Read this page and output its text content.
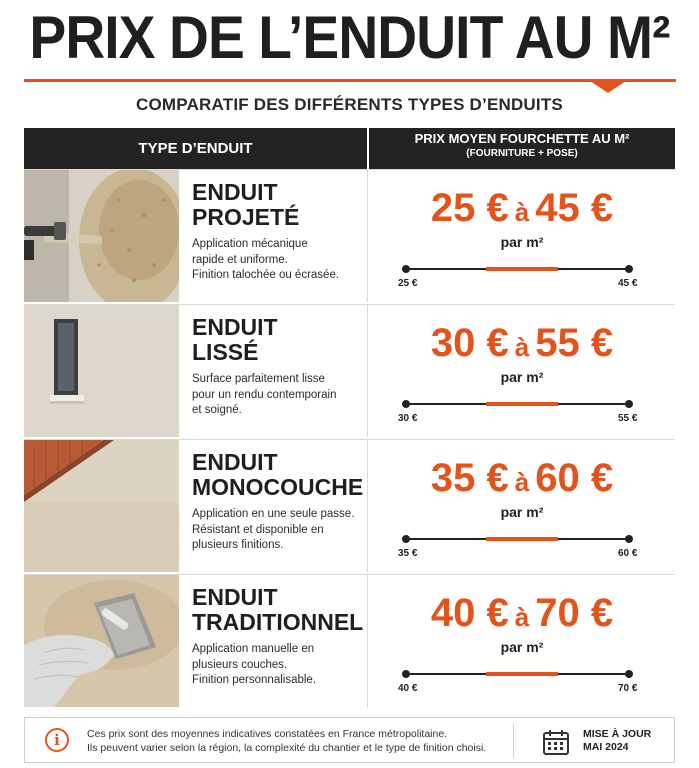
PRIX DE L’ENDUIT AU M²
COMPARATIF DES DIFFÉRENTS TYPES D’ENDUITS
TYPE D’ENDUIT
PRIX MOYEN FOURCHETTE AU M²
(FOURNITURE + POSE)
ENDUIT
PROJETÉ
Application mécanique
rapide et uniforme.
Finition talochée ou écrasée.
25 € à 45 €
par m²
25 €	45 €
ENDUIT
LISSÉ
Surface parfaitement lisse
pour un rendu contemporain
et soigné.
30 € à 55 €
par m²
30 €	55 €
ENDUIT
MONOCOUCHE
Application en une seule passe.
Résistant et disponible en
plusieurs finitions.
35 € à 60 €
par m²
35 €	60 €
ENDUIT
TRADITIONNEL
Application manuelle en
plusieurs couches.
Finition personnalisable.
40 € à 70 €
par m²
40 €	70 €
i	Ces prix sont des moyennes indicatives constatées en France métropolitaine.
Ils peuvent varier selon la région, la complexité du chantier et le type de finition choisi.
MISE À JOUR
MAI 2024
